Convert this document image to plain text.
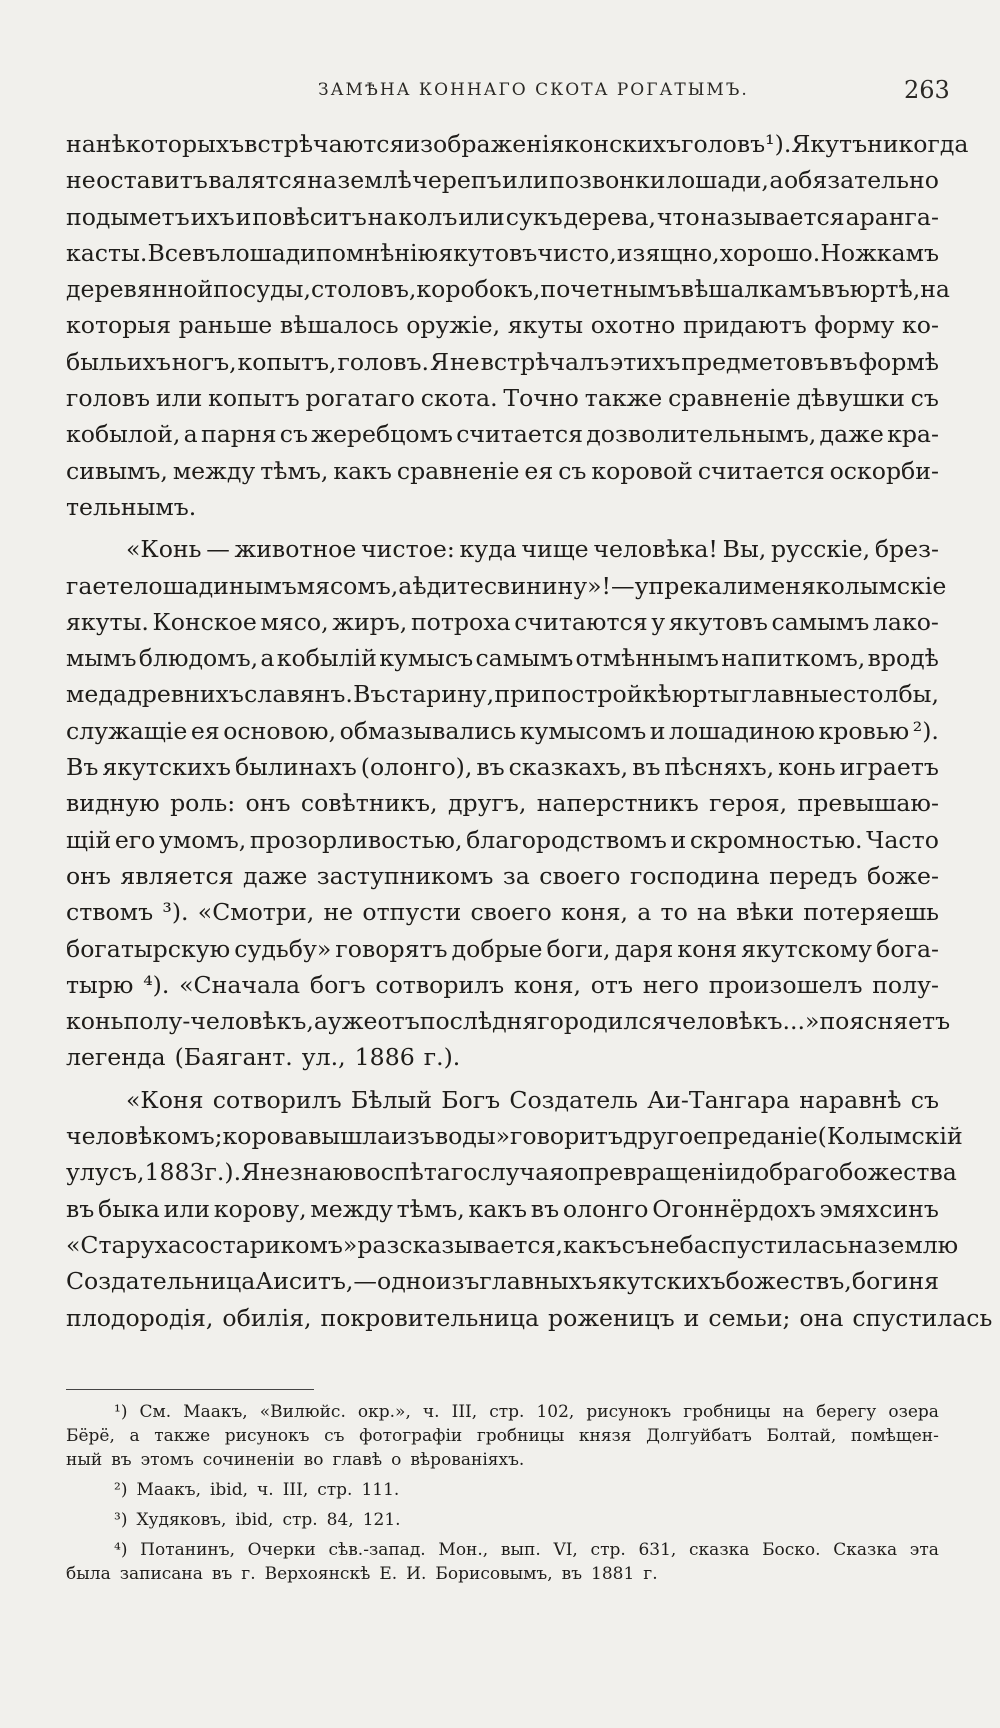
ЗАМѢНА КОННАГО СКОТА РОГАТЫМЪ.	263
на нѣкоторыхъ встрѣчаются изображенія конскихъ головъ ¹). Якутъ никогда
не оставитъ валятся на землѣ черепъ или позвонки лошади, а обязательно
подыметъ ихъ и повѣситъ на колъ или сукъ дерева, что называется аранга-
касты. Все въ лошади по мнѣнію якутовъ чисто, изящно, хорошо. Ножкамъ
деревянной посуды, столовъ, коробокъ, почетнымъ вѣшалкамъ въ юртѣ, на
которыя раньше вѣшалось оружіе, якуты охотно придаютъ форму ко-
быльихъ ногъ, копытъ, головъ. Я не встрѣчалъ этихъ предметовъ въ формѣ
головъ или копытъ рогатаго скота. Точно также сравненіе дѣвушки съ
кобылой, а парня съ жеребцомъ считается дозволительнымъ, даже кра-
сивымъ, между тѣмъ, какъ сравненіе ея съ коровой считается оскорби-
тельнымъ.
«Конь — животное чистое: куда чище человѣка! Вы, русскіе, брез-
гаете лошадинымъ мясомъ, а ѣдите свинину»!—упрекали меня колымскіе
якуты. Конское мясо, жиръ, потроха считаются у якутовъ самымъ лако-
мымъ блюдомъ, а кобылій кумысъ самымъ отмѣннымъ напиткомъ, вродѣ
меда древнихъ славянъ. Въ старину, при постройкѣ юрты главные столбы,
служащіе ея основою, обмазывались кумысомъ и лошадиною кровью ²).
Въ якутскихъ былинахъ (олонго), въ сказкахъ, въ пѣсняхъ, конь играетъ
видную роль: онъ совѣтникъ, другъ, наперстникъ героя, превышаю-
щій его умомъ, прозорливостью, благородствомъ и скромностью. Часто
онъ является даже заступникомъ за своего господина передъ боже-
ствомъ ³). «Смотри, не отпусти своего коня, а то на вѣки потеряешь
богатырскую судьбу» говорятъ добрые боги, даря коня якутскому бога-
тырю ⁴). «Сначала богъ сотворилъ коня, отъ него произошелъ полу-
конь полу-человѣкъ, а уже отъ послѣдняго родился человѣкъ...» поясняетъ
легенда (Баягант. ул., 1886 г.).
«Коня сотворилъ Бѣлый Богъ Создатель Аи-Тангара наравнѣ съ
человѣкомъ; корова вышла изъ воды» говоритъ другое преданіе (Колымскій
улусъ, 1883 г.). Я не знаю воспѣтаго случая о превращеніи добраго божества
въ быка или корову, между тѣмъ, какъ въ олонго Огоннёрдохъ эмяхсинъ
«Старуха со старикомъ» разсказывается, какъ съ неба спустилась на землю
Создательница Аиситъ,—одно изъ главныхъ якутскихъ божествъ, богиня
плодородія, обилія, покровительница роженицъ и семьи; она спустилась
¹) См. Маакъ, «Вилюйс. окр.», ч. III, стр. 102, рисунокъ гробницы на берегу озера
Бёрё, а также рисунокъ съ фотографіи гробницы князя Долгуйбатъ Болтай, помѣщен-
ный въ этомъ сочиненіи во главѣ о вѣрованіяхъ.
²) Маакъ, ibid, ч. III, стр. 111.
³) Худяковъ, ibid, стр. 84, 121.
⁴) Потанинъ, Очерки сѣв.-запад. Мон., вып. VI, стр. 631, сказка Боско. Сказка эта
была записана въ г. Верхоянскѣ Е. И. Борисовымъ, въ 1881 г.
